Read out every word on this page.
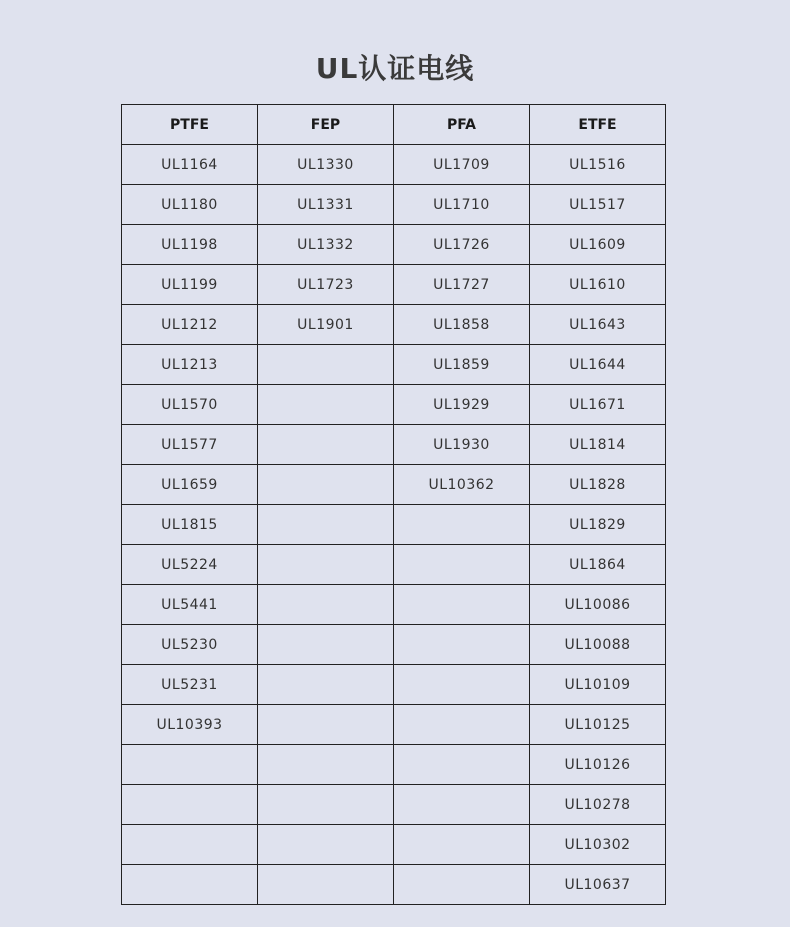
UL认证电线
PTFE	FEP	PFA	ETFE
UL1164	UL1330	UL1709	UL1516
UL1180	UL1331	UL1710	UL1517
UL1198	UL1332	UL1726	UL1609
UL1199	UL1723	UL1727	UL1610
UL1212	UL1901	UL1858	UL1643
UL1213		UL1859	UL1644
UL1570		UL1929	UL1671
UL1577		UL1930	UL1814
UL1659		UL10362	UL1828
UL1815			UL1829
UL5224			UL1864
UL5441			UL10086
UL5230			UL10088
UL5231			UL10109
UL10393			UL10125
			UL10126
			UL10278
			UL10302
			UL10637
